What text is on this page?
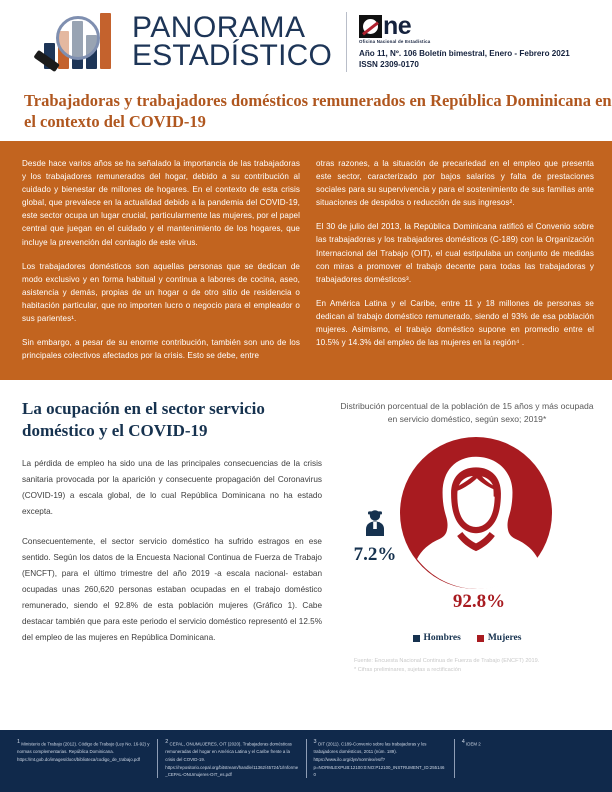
PANORAMA
ESTADÍSTICO
ne
Oficina Nacional de Estadística
Año 11, Nº. 106 Boletín bimestral, Enero - Febrero 2021
ISSN 2309-0170
Trabajadoras y trabajadores domésticos remunerados en República Dominicana en el contexto del COVID-19

Desde hace varios años se ha señalado la importancia de las trabajadoras y los trabajadores remunerados del hogar, debido a su contribución al cuidado y bienestar de millones de hogares. En el contexto de esta crisis global, que prevalece en la actualidad debido a la pandemia del COVID-19, este sector ocupa un lugar crucial, particularmente las mujeres, por el papel central que juegan en el cuidado y el mantenimiento de los hogares, que incluye la prevención del contagio de este virus.

Los trabajadores domésticos son aquellas personas que se dedican de modo exclusivo y en forma habitual y continua a labores de cocina, aseo, asistencia y demás, propias de un hogar o de otro sitio de residencia o habitación particular, que no importen lucro o negocio para el empleador o sus parientes¹.

Sin embargo, a pesar de su enorme contribución, también son uno de los principales colectivos afectados por la crisis. Esto se debe, entre

otras razones, a la situación de precariedad en el empleo que presenta este sector, caracterizado por bajos salarios y falta de prestaciones sociales para su supervivencia y para el sostenimiento de sus familias ante situaciones de despidos o reducción de sus ingresos².

El 30 de julio del 2013, la República Dominicana ratificó el Convenio sobre las trabajadoras y los trabajadores domésticos (C-189) con la Organización Internacional del Trabajo (OIT), el cual estipulaba un conjunto de medidas con miras a promover el trabajo decente para todas las trabajadoras y trabajadores domésticos³.

En América Latina y el Caribe, entre 11 y 18 millones de personas se dedican al trabajo doméstico remunerado, siendo el 93% de esa población mujeres. Asimismo, el trabajo doméstico supone en promedio entre el 10.5% y 14.3% del empleo de las mujeres en la región⁴ .

La ocupación en el sector servicio doméstico y el COVID-19

La pérdida de empleo ha sido una de las principales consecuencias de la crisis sanitaria provocada por la aparición y consecuente propagación del Coronavirus (COVID-19) a escala global, de lo cual República Dominicana no ha estado excepta.

Consecuentemente, el sector servicio doméstico ha sufrido estragos en ese sentido. Según los datos de la Encuesta Nacional Continua de Fuerza de Trabajo (ENCFT), para el último trimestre del año 2019 -a escala nacional- estaban ocupadas unas 260,620 personas estaban ocupadas en el trabajo doméstico remunerado, siendo el 92.8% de esta población mujeres (Gráfico 1). Cabe destacar también que para este periodo el servicio doméstico representó el 12.5% del empleo de las mujeres en República Dominicana.

Distribución porcentual de la población de 15 años y más ocupada en servicio doméstico, según sexo; 2019*
7.2%
92.8%
Hombres	Mujeres
Fuente: Encuesta Nacional Continua de Fuerza de Trabajo (ENCFT) 2019.
* Cifras preliminares, sujetas a rectificación
$^1$ Ministerio de Trabajo (2012). Código de Trabajo (Ley No. 16-92) y normas complementarias. República Dominicana. https://mt.gob.do/images/docs/biblioteca/codigo_de_trabajo.pdf
$^2$ CEPAL, ONUMUJERES, OIT (2020). Trabajadoras domésticas remuneradas del hogar en América Latina y el Caribe frente a la crisis del COVID-19. https://repositorio.cepal.org/bitstream/handle/11362/45724/1/Informe_CEPAL-ONUmujeres-OIT_es.pdf
$^3$ OIT (2011). C189-Convenio sobre las trabajadoras y los trabajadores domésticos, 2011 (núm. 189). https://www.ilo.org/dyn/normlex/es/f?p=NORMLEXPUB:12100:0:NO:P12100_INSTRUMENT_ID:2551460
$^4$ IDEM 2
